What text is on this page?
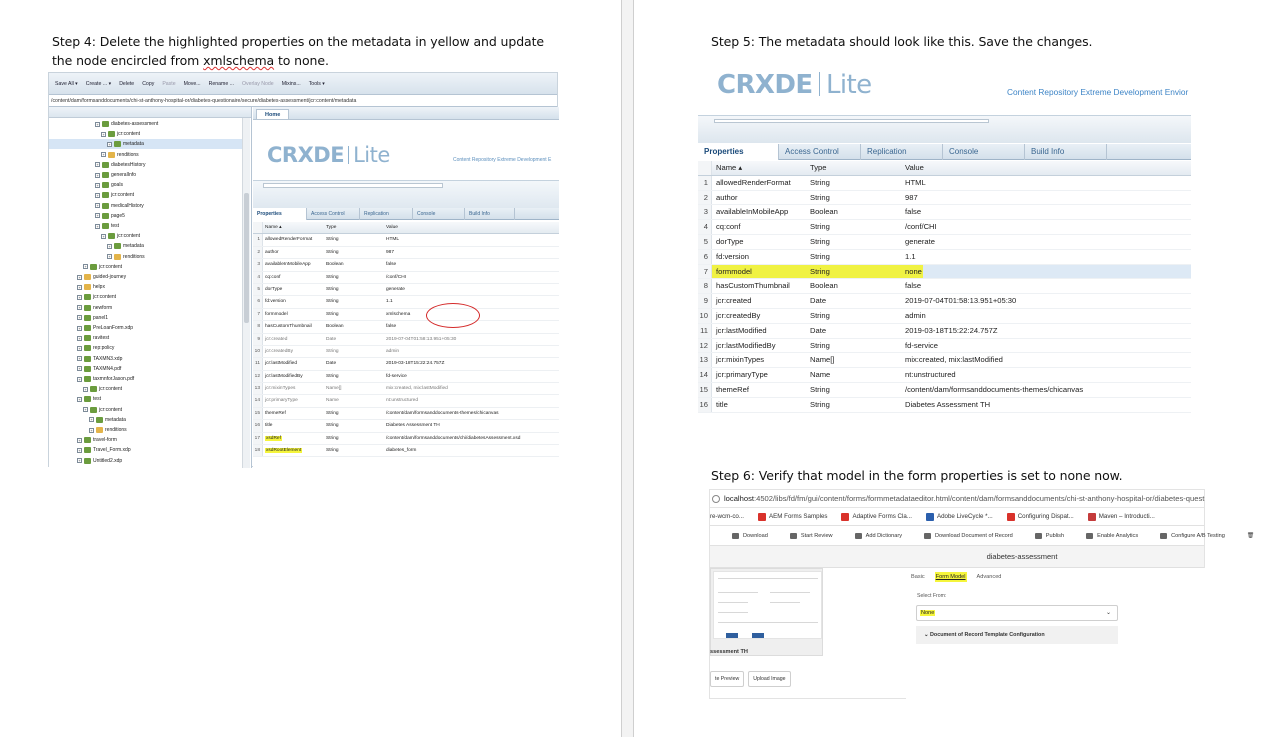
Step 4: Delete the highlighted properties on the metadata in yellow and update
the node encircled from xmlschema to none.
Save All ▾ Create ... ▾ Delete Copy Paste Move... Rename ... Overlay Node Mixins... Tools ▾
/content/dam/formsanddocuments/chi-st-anthony-hospital-or/diabetes-questionaire/secure/diabetes-assessment/jcr:content/metadata
+ diabetes-assessment
+ jcr:content
+ metadata
+ renditions
+ diabetesHistory
+ generalInfo
+ goals
+ jcr:content
+ medicalHistory
+ page5
+ test
+ jcr:content
+ metadata
+ renditions
+ jcr:content
+ guided-journey
+ helpx
+ jcr:content
+ newform
+ panel1
+ PreLoanForm.xdp
+ ravitest
+ rep:policy
+ TAXMN3.xdp
+ TAXMN4.pdf
+ taxmnforJason.pdf
+ jcr:content
+ test
+ jcr:content
+ metadata
+ renditions
+ travel-form
+ Travel_Form.xdp
+ Untitled2.xdp
Home
CRXDE Lite	Content Repository Extreme Development E
Properties	Access Control	Replication	Console	Build Info
Name ▴	Type	Value
1	allowedRenderFormat	String	HTML
2	author	String	987
3	availableInMobileApp	Boolean	false
4	cq:conf	String	/conf/CHI
5	dorType	String	generate
6	fd:version	String	1.1
7	formmodel	String	xmlschema
8	hasCustomThumbnail	Boolean	false
9	jcr:created	Date	2019-07-04T01:58:13.951+05:30
10	jcr:createdBy	String	admin
11	jcr:lastModified	Date	2019-03-18T15:22:24.757Z
12	jcr:lastModifiedBy	String	fd-service
13	jcr:mixinTypes	Name[]	mix:created, mix:lastModified
14	jcr:primaryType	Name	nt:unstructured
15	themeRef	String	/content/dam/formsanddocuments-themes/chicanvas
16	title	String	Diabetes Assessment TH
17	xsdRef	String	/content/dam/formsanddocuments/chi/diabetesAssessment.xsd
18	xsdRootElement	String	diabetes_form
Step 5: The metadata should look like this. Save the changes.
CRXDE Lite	Content Repository Extreme Development Envior
Properties	Access Control	Replication	Console	Build Info
Name ▴	Type	Value
1	allowedRenderFormat	String	HTML
2	author	String	987
3	availableInMobileApp	Boolean	false
4	cq:conf	String	/conf/CHI
5	dorType	String	generate
6	fd:version	String	1.1
7	formmodel	String	none
8	hasCustomThumbnail	Boolean	false
9	jcr:created	Date	2019-07-04T01:58:13.951+05:30
10	jcr:createdBy	String	admin
11	jcr:lastModified	Date	2019-03-18T15:22:24.757Z
12	jcr:lastModifiedBy	String	fd-service
13	jcr:mixinTypes	Name[]	mix:created, mix:lastModified
14	jcr:primaryType	Name	nt:unstructured
15	themeRef	String	/content/dam/formsanddocuments-themes/chicanvas
16	title	String	Diabetes Assessment TH
Step 6: Verify that model in the form properties is set to none now.
localhost:4502/libs/fd/fm/gui/content/forms/formmetadataeditor.html/content/dam/formsanddocuments/chi-st-anthony-hospital-or/diabetes-quest
re-wcm-co...	AEM Forms Samples	Adaptive Forms Cla...	Adobe LiveCycle *...	Configuring Dispat...	Maven – Introducti...
Download	Start Review	Add Dictionary	Download Document of Record	Publish	Enable Analytics	Configure A/B Testing	🗑
diabetes-assessment
ssessment TH
te Preview	Upload Image
Basic Form Model Advanced
Select From:
None	⌄
⌄ Document of Record Template Configuration
